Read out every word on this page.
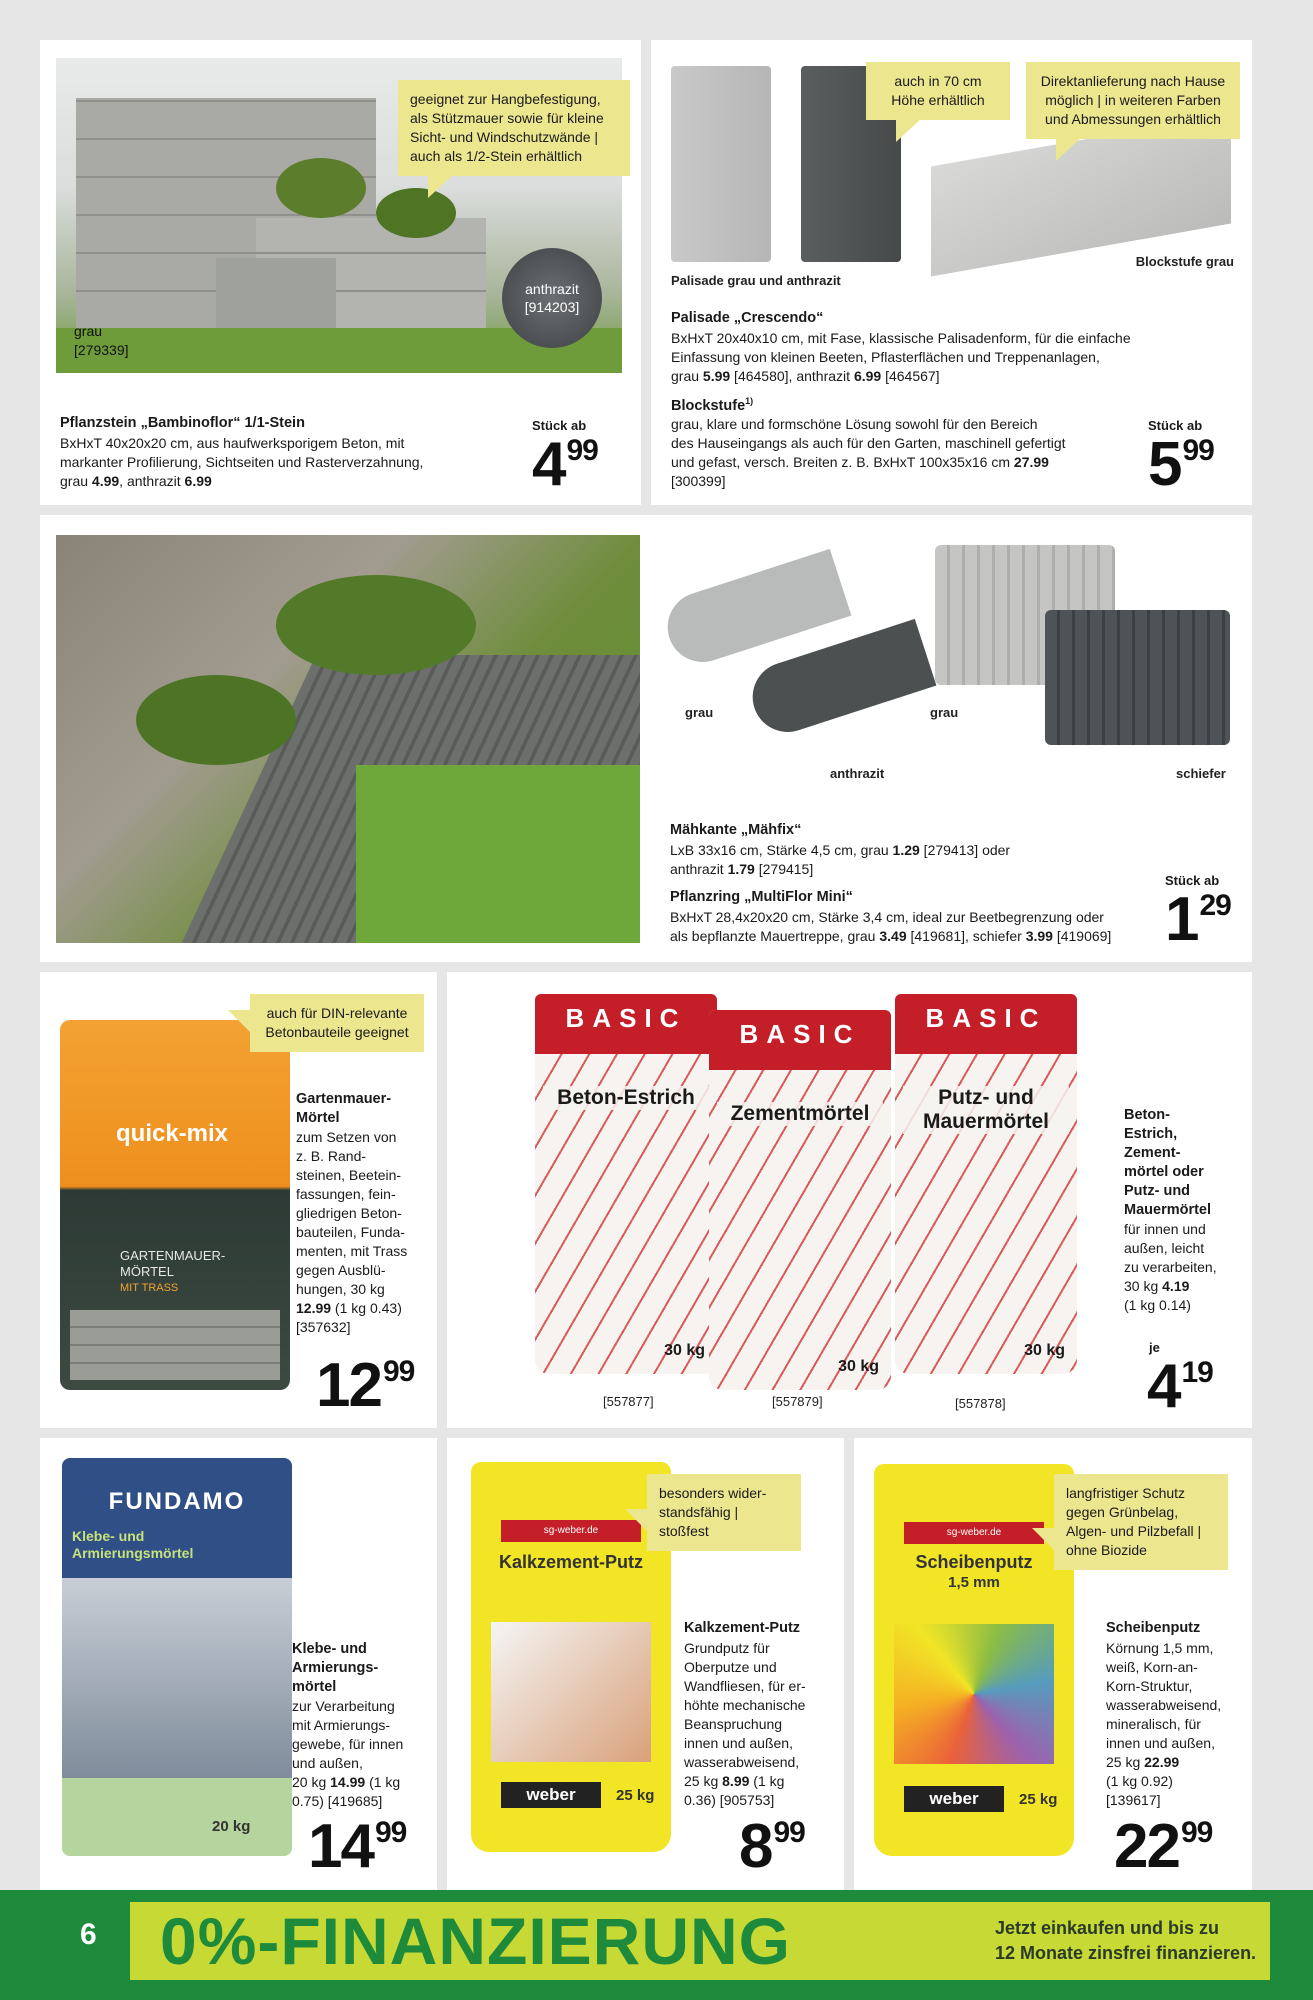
geeignet zur Hangbefestigung, als Stützmauer sowie für kleine Sicht- und Windschutzwände | auch als 1/2-Stein erhältlich
anthrazit
[914203]
grau
[279339]
Pflanzstein „Bambinoflor“ 1/1-Stein
BxHxT 40x20x20 cm, aus haufwerksporigem Beton, mit
markanter Profilierung, Sichtseiten und Rasterverzahnung,
grau 4.99, anthrazit 6.99
Stück ab
499
auch in 70 cm Höhe erhältlich
Direktanlieferung nach Hause möglich | in weiteren Farben und Abmessungen erhältlich
Palisade grau und anthrazit
Blockstufe grau
Palisade „Crescendo“
BxHxT 20x40x10 cm, mit Fase, klassische Palisadenform, für die einfache
Einfassung von kleinen Beeten, Pflasterflächen und Treppenanlagen,
grau 5.99 [464580], anthrazit 6.99 [464567]
Blockstufe$^{1)}$
grau, klare und formschöne Lösung sowohl für den Bereich
des Hauseingangs als auch für den Garten, maschinell gefertigt
und gefast, versch. Breiten z. B. BxHxT 100x35x16 cm 27.99
[300399]
Stück ab
599
grau	grau
anthrazit	schiefer
Mähkante „Mähfix“
LxB 33x16 cm, Stärke 4,5 cm, grau 1.29 [279413] oder
anthrazit 1.79 [279415]
Pflanzring „MultiFlor Mini“
BxHxT 28,4x20x20 cm, Stärke 3,4 cm, ideal zur Beetbegrenzung oder
als bepflanzte Mauertreppe, grau 3.49 [419681], schiefer 3.99 [419069]
Stück ab
129
quick-mix
GARTENMAUER-
MÖRTEL
MIT TRASS
auch für DIN-relevante Betonbauteile geeignet
Gartenmauer-
Mörtel
zum Setzen von
z. B. Rand-
steinen, Beetein-
fassungen, fein-
gliedrigen Beton-
bauteilen, Funda-
menten, mit Trass
gegen Ausblü-
hungen, 30 kg
12.99 (1 kg 0.43)
[357632]
1299
BASIC
Beton-Estrich
30 kg
BASIC
Zementmörtel
30 kg
BASIC
Putz- und Mauermörtel
30 kg
[557877]	[557879]	[557878]
Beton-
Estrich,
Zement-
mörtel oder
Putz- und
Mauermörtel
für innen und
außen, leicht
zu verarbeiten,
30 kg 4.19
(1 kg 0.14)
je
419
FUNDAMO
Klebe- und Armierungsmörtel
20 kg
Klebe- und
Armierungs-
mörtel
zur Verarbeitung
mit Armierungs-
gewebe, für innen
und außen,
20 kg 14.99 (1 kg
0.75) [419685]
1499
sg-weber.de
Kalkzement-Putz
weber	25 kg
besonders wider- standsfähig | stoßfest
Kalkzement-Putz
Grundputz für
Oberputze und
Wandfliesen, für er-
höhte mechanische
Beanspruchung
innen und außen,
wasserabweisend,
25 kg 8.99 (1 kg
0.36) [905753]
899
sg-weber.de
Scheibenputz
1,5 mm
weber	25 kg
langfristiger Schutz gegen Grünbelag, Algen- und Pilzbefall | ohne Biozide
Scheibenputz
Körnung 1,5 mm,
weiß, Korn-an-
Korn-Struktur,
wasserabweisend,
mineralisch, für
innen und außen,
25 kg 22.99
(1 kg 0.92)
[139617]
2299
6 0%-FINANZIERUNG	Jetzt einkaufen und bis zu
12 Monate zinsfrei finanzieren.
